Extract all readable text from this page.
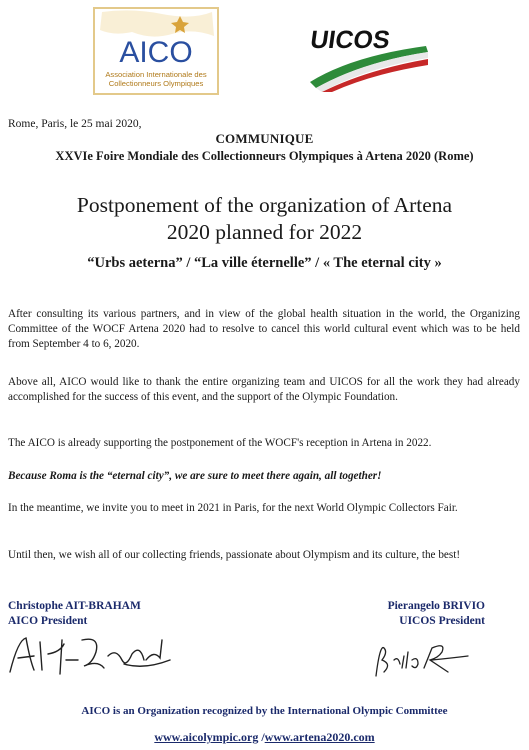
AICO
Association Internationale des
Collectionneurs Olympiques
UICOS
Rome, Paris, le 25 mai 2020,
COMMUNIQUE
XXVIe Foire Mondiale des Collectionneurs Olympiques à Artena 2020 (Rome)
Postponement of the organization of Artena
2020 planned for 2022
“Urbs aeterna” / “La ville éternelle” / « The eternal city »

After consulting its various partners, and in view of the global health situation in the world, the Organizing Committee of the WOCF Artena 2020 had to resolve to cancel this world cultural event which was to be held from September 4 to 6, 2020.

Above all, AICO would like to thank the entire organizing team and UICOS for all the work they had already accomplished for the success of this event, and the support of the Olympic Foundation.

The AICO is already supporting the postponement of the WOCF's reception in Artena in 2022.

Because Roma is the “eternal city”, we are sure to meet there again, all together!

In the meantime, we invite you to meet in 2021 in Paris, for the next World Olympic Collectors Fair.

Until then, we wish all of our collecting friends, passionate about Olympism and its culture, the best!

Christophe AIT-BRAHAM
AICO President
Pierangelo BRIVIO
UICOS President
AICO is an Organization recognized by the International Olympic Committee
www.aicolympic.org /www.artena2020.com
